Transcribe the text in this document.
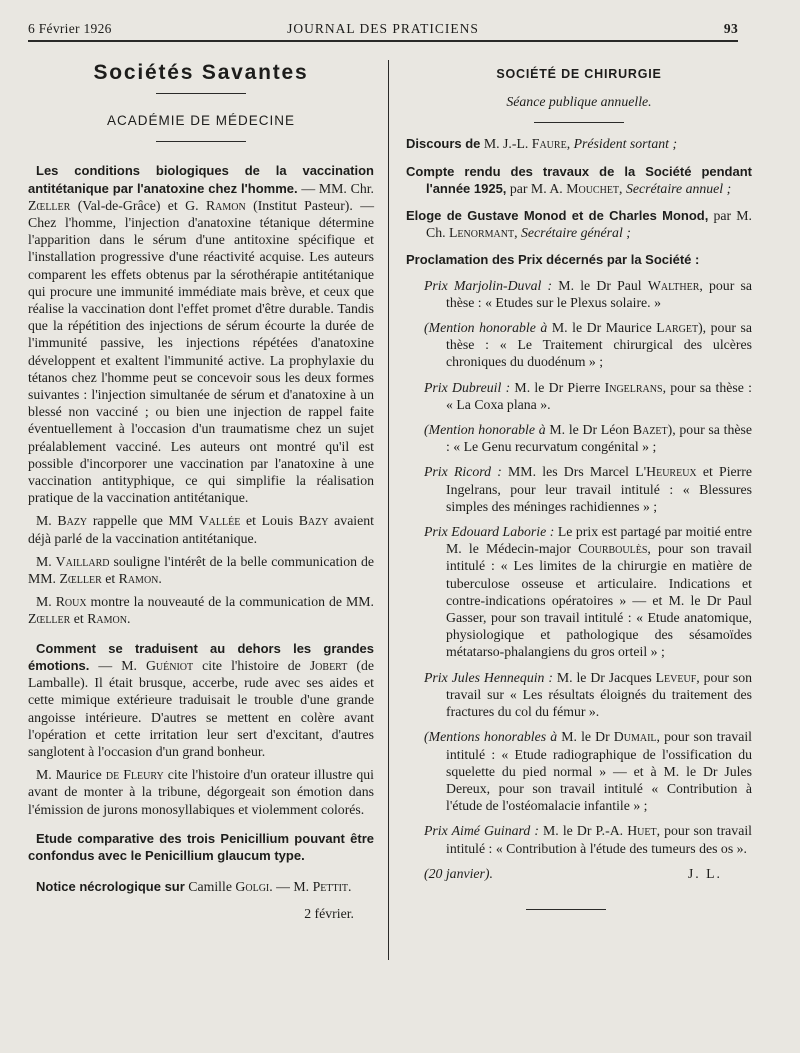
6 Février 1926	JOURNAL DES PRATICIENS	93
Sociétés Savantes
ACADÉMIE DE MÉDECINE

Les conditions biologiques de la vaccination antitétanique par l'anatoxine chez l'homme. — MM. Chr. Zœller (Val-de-Grâce) et G. Ramon (Institut Pasteur). — Chez l'homme, l'injection d'anatoxine tétanique détermine l'apparition dans le sérum d'une antitoxine spécifique et l'installation progressive d'une réactivité acquise. Les auteurs comparent les effets obtenus par la sérothérapie antitétanique qui procure une immunité immédiate mais brève, et ceux que réalise la vaccination dont l'effet promet d'être durable. Tandis que la répétition des injections de sérum écourte la durée de l'immunité passive, les injections répétées d'anatoxine développent et exaltent l'immunité active. La prophylaxie du tétanos chez l'homme peut se concevoir sous les deux formes suivantes : l'injection simultanée de sérum et d'anatoxine à un blessé non vacciné ; ou bien une injection de rappel faite éventuellement à l'occasion d'un traumatisme chez un sujet préalablement vacciné. Les auteurs ont montré qu'il est possible d'incorporer une vaccination par l'anatoxine à une vaccination antityphique, ce qui simplifie la réalisation pratique de la vaccination antitétanique.

M. Bazy rappelle que MM Vallée et Louis Bazy avaient déjà parlé de la vaccination antitétanique.

M. Vaillard souligne l'intérêt de la belle communication de MM. Zœller et Ramon.

M. Roux montre la nouveauté de la communication de MM. Zœller et Ramon.

Comment se traduisent au dehors les grandes émotions. — M. Guéniot cite l'histoire de Jobert (de Lamballe). Il était brusque, accerbe, rude avec ses aides et cette mimique extérieure traduisait le trouble d'une grande angoisse intérieure. D'autres se mettent en colère avant l'opération et cette irritation leur sert d'excitant, d'autres sanglotent à l'occasion d'un grand bonheur.

M. Maurice de Fleury cite l'histoire d'un orateur illustre qui avant de monter à la tribune, dégorgeait son émotion dans l'émission de jurons monosyllabiques et violemment colorés.

Etude comparative des trois Penicillium pouvant être confondus avec le Penicillium glaucum type.

Notice nécrologique sur Camille Golgi. — M. Pettit.

2 février.

SOCIÉTÉ DE CHIRURGIE
Séance publique annuelle.

Discours de M. J.-L. Faure, Président sortant ;

Compte rendu des travaux de la Société pendant l'année 1925, par M. A. Mouchet, Secrétaire annuel ;

Eloge de Gustave Monod et de Charles Monod, par M. Ch. Lenormant, Secrétaire général ;

Proclamation des Prix décernés par la Société :

Prix Marjolin-Duval : M. le Dr Paul Walther, pour sa thèse : « Etudes sur le Plexus solaire. »

(Mention honorable à M. le Dr Maurice Larget), pour sa thèse : « Le Traitement chirurgical des ulcères chroniques du duodénum » ;

Prix Dubreuil : M. le Dr Pierre Ingelrans, pour sa thèse : « La Coxa plana ».

(Mention honorable à M. le Dr Léon Bazet), pour sa thèse : « Le Genu recurvatum congénital » ;

Prix Ricord : MM. les Drs Marcel L'Heureux et Pierre Ingelrans, pour leur travail intitulé : « Blessures simples des méninges rachidiennes » ;

Prix Edouard Laborie : Le prix est partagé par moitié entre M. le Médecin-major Courboulès, pour son travail intitulé : « Les limites de la chirurgie en matière de tuberculose osseuse et articulaire. Indications et contre-indications opératoires » — et M. le Dr Paul Gasser, pour son travail intitulé : « Etude anatomique, physiologique et pathologique des sésamoïdes métatarso-phalangiens du gros orteil » ;

Prix Jules Hennequin : M. le Dr Jacques Leveuf, pour son travail sur « Les résultats éloignés du traitement des fractures du col du fémur ».

(Mentions honorables à M. le Dr Dumail, pour son travail intitulé : « Etude radiographique de l'ossification du squelette du pied normal » — et à M. le Dr Jules Dereux, pour son travail intitulé « Contribution à l'étude de l'ostéomalacie infantile » ;

Prix Aimé Guinard : M. le Dr P.-A. Huet, pour son travail intitulé : « Contribution à l'étude des tumeurs des os ».

(20 janvier).	J. L.
